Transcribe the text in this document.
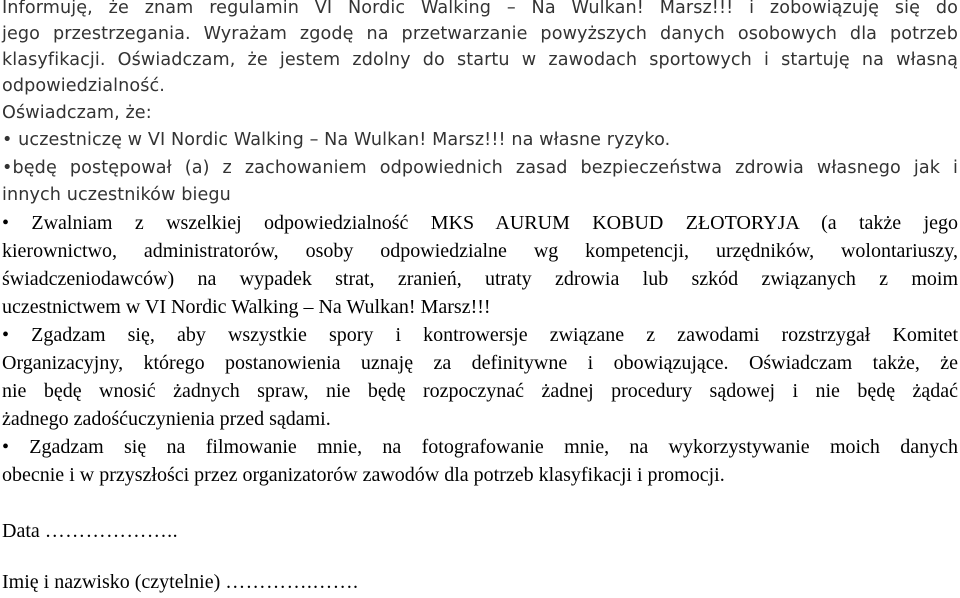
Informuję, że znam regulamin VI Nordic Walking – Na Wulkan! Marsz!!! i zobowiązuję się do
jego przestrzegania. Wyrażam zgodę na przetwarzanie powyższych danych osobowych dla potrzeb
klasyfikacji. Oświadczam, że jestem zdolny do startu w zawodach sportowych i startuję na własną
odpowiedzialność.
Oświadczam, że:
• uczestniczę w VI Nordic Walking – Na Wulkan! Marsz!!! na własne ryzyko.
•będę postępował (a) z zachowaniem odpowiednich zasad bezpieczeństwa zdrowia własnego jak i
innych uczestników biegu
• Zwalniam z wszelkiej odpowiedzialność MKS AURUM KOBUD ZŁOTORYJA (a także jego
kierownictwo, administratorów, osoby odpowiedzialne wg kompetencji, urzędników, wolontariuszy,
świadczeniodawców) na wypadek strat, zranień, utraty zdrowia lub szkód związanych z moim
uczestnictwem w VI Nordic Walking – Na Wulkan! Marsz!!!
• Zgadzam się, aby wszystkie spory i kontrowersje związane z zawodami rozstrzygał Komitet
Organizacyjny, którego postanowienia uznaję za definitywne i obowiązujące. Oświadczam także, że
nie będę wnosić żadnych spraw, nie będę rozpoczynać żadnej procedury sądowej i nie będę żądać
żadnego zadośćuczynienia przed sądami.
• Zgadzam się na filmowanie mnie, na fotografowanie mnie, na wykorzystywanie moich danych
obecnie i w przyszłości przez organizatorów zawodów dla potrzeb klasyfikacji i promocji.
Data ………………..
Imię i nazwisko (czytelnie) ………….…….
